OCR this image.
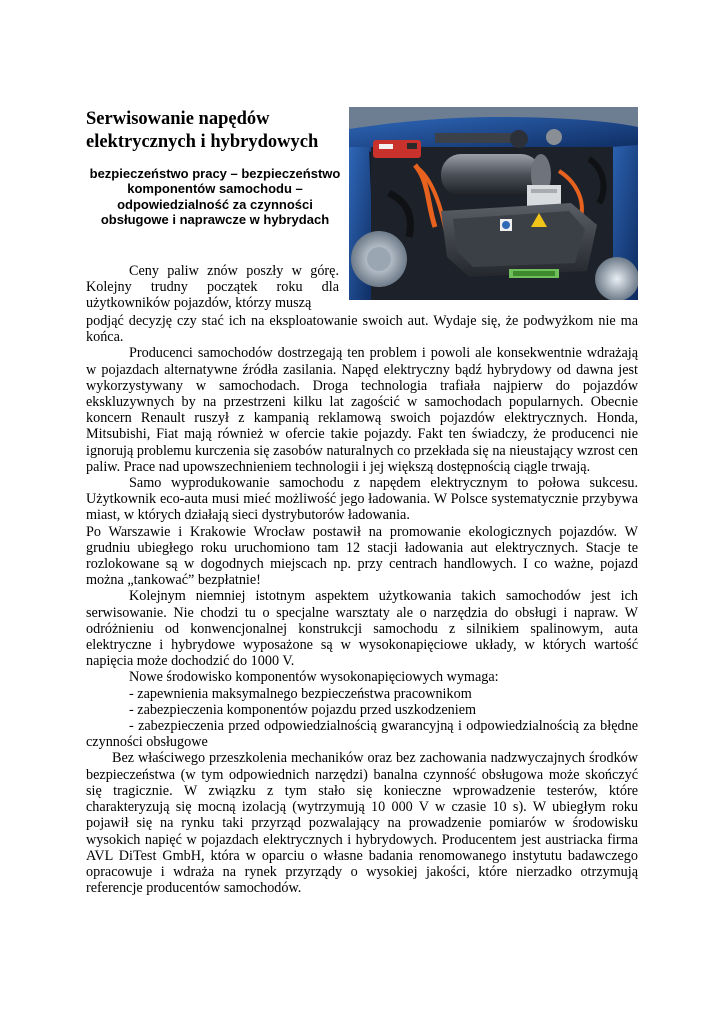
Serwisowanie napędów elektrycznych i hybrydowych
bezpieczeństwo pracy – bezpieczeństwo komponentów samochodu – odpowiedzialność za czynności obsługowe i naprawcze w hybrydach

Ceny paliw znów poszły w górę. Kolejny trudny początek roku dla użytkowników pojazdów, którzy muszą

podjąć decyzję czy stać ich na eksploatowanie swoich aut. Wydaje się, że podwyżkom nie ma końca.

Producenci samochodów dostrzegają ten problem i powoli ale konsekwentnie wdrażają w pojazdach alternatywne źródła zasilania. Napęd elektryczny bądź hybrydowy od dawna jest wykorzystywany w samochodach. Droga technologia trafiała najpierw do pojazdów ekskluzywnych by na przestrzeni kilku lat zagościć w samochodach popularnych. Obecnie koncern Renault ruszył z kampanią reklamową swoich pojazdów elektrycznych. Honda, Mitsubishi, Fiat mają również w ofercie takie pojazdy. Fakt ten świadczy, że producenci nie ignorują problemu kurczenia się zasobów naturalnych co przekłada się na nieustający wzrost cen paliw. Prace nad upowszechnieniem technologii i jej większą dostępnością ciągle trwają.

Samo wyprodukowanie samochodu z napędem elektrycznym to połowa sukcesu. Użytkownik eco-auta musi mieć możliwość jego ładowania. W Polsce systematycznie przybywa miast, w których działają sieci dystrybutorów ładowania.

Po Warszawie i Krakowie Wrocław postawił na promowanie ekologicznych pojazdów. W grudniu ubiegłego roku uruchomiono tam 12 stacji ładowania aut elektrycznych. Stacje te rozlokowane są w dogodnych miejscach np. przy centrach handlowych. I co ważne, pojazd można „tankować” bezpłatnie!

Kolejnym niemniej istotnym aspektem użytkowania takich samochodów jest ich serwisowanie. Nie chodzi tu o specjalne warsztaty ale o narzędzia do obsługi i napraw. W odróżnieniu od konwencjonalnej konstrukcji samochodu z silnikiem spalinowym, auta elektryczne i hybrydowe wyposażone są w wysokonapięciowe układy, w których wartość napięcia może dochodzić do 1000 V.

Nowe środowisko komponentów wysokonapięciowych wymaga:

- zapewnienia maksymalnego bezpieczeństwa pracownikom

- zabezpieczenia komponentów pojazdu przed uszkodzeniem

- zabezpieczenia przed odpowiedzialnością gwarancyjną i odpowiedzialnością za błędne czynności obsługowe

Bez właściwego przeszkolenia mechaników oraz bez zachowania nadzwyczajnych środków bezpieczeństwa (w tym odpowiednich narzędzi) banalna czynność obsługowa może skończyć się tragicznie. W związku z tym stało się konieczne wprowadzenie testerów, które charakteryzują się mocną izolacją (wytrzymują 10 000 V w czasie 10 s). W ubiegłym roku pojawił się na rynku taki przyrząd pozwalający na prowadzenie pomiarów w środowisku wysokich napięć w pojazdach elektrycznych i hybrydowych. Producentem jest austriacka firma AVL DiTest GmbH, która w oparciu o własne badania renomowanego instytutu badawczego opracowuje i wdraża na rynek przyrządy o wysokiej jakości, które nierzadko otrzymują referencje producentów samochodów.
